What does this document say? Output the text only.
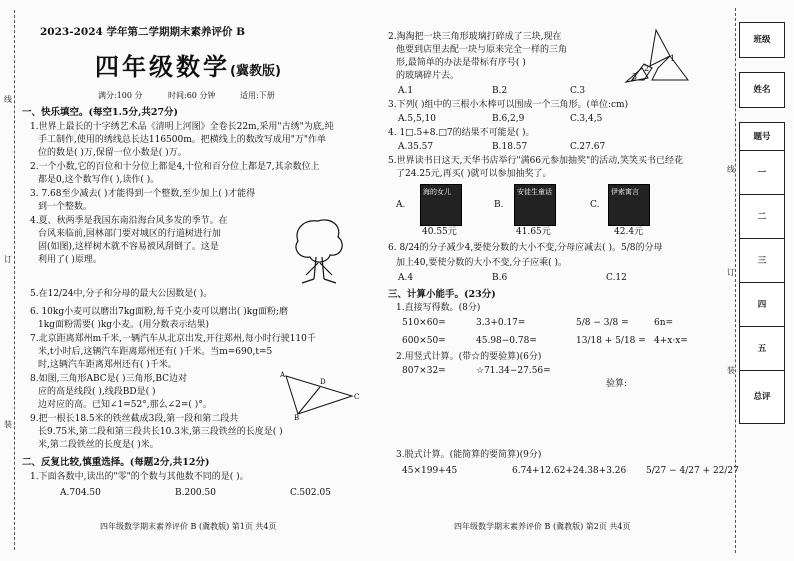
线
订
装
2023-2024 学年第二学期期末素养评价 B
四年级数学(冀教版)
满分:100 分	时间:60 分钟	适用:下册
一、快乐填空。(每空1.5分,共27分)
1.世界上最长的十字绣艺术品《清明上河图》全卷长22m,采用"古绣"为底,纯
手工制作,使用的绣线总长达116500m。把横线上的数改写成用"万"作单
位的数是( )万,保留一位小数是( )万。
2.一个小数,它的百位和十分位上都是4,十位和百分位上都是7,其余数位上
都是0,这个数写作( ),读作( )。
3. 7.68至少减去( )才能得到一个整数,至少加上( )才能得
到一个整数。
4.夏、秋两季是我国东南沿海台风多发的季节。在
台风来临前,园林部门要对城区的行道树进行加
固(如图),这样树木就不容易被风刮倒了。这是
利用了( )原理。
5.在12/24中,分子和分母的最大公因数是( )。
6. 10kg小麦可以磨出7kg面粉,每千克小麦可以磨出( )kg面粉;磨
1kg面粉需要( )kg小麦。(用分数表示结果)
7.北京距离郑州m千米,一辆汽车从北京出发,开往郑州,每小时行驶110千
米,t小时后,这辆汽车距离郑州还有( )千米。当m=690,t=5
时,这辆汽车距离郑州还有( )千米。
8.如图,三角形ABC是( )三角形,BC边对
应的高是线段( ),线段BD是( )
边对应的高。已知∠1=52°,那么∠2=( )°。
A
B
C
D
9.把一根长18.5米的铁丝截成3段,第一段和第二段共
长9.75米,第二段和第三段共长10.3米,第三段铁丝的长度是( )
米,第二段铁丝的长度是( )米。
二、反复比较,慎重选择。(每题2分,共12分)
1.下面各数中,读出的"零"的个数与其他数不同的是( )。
A.704.50	B.200.50	C.502.05
四年级数学期末素养评价 B (冀教版) 第1页 共4页
2.淘淘把一块三角形玻璃打碎成了三块,现在
他要到店里去配一块与原来完全一样的三角
形,最简单的办法是带标有序号( )
的玻璃碎片去。
1
2
3
A.1	B.2	C.3
3.下列( )组中的三根小木棒可以围成一个三角形。(单位:cm)
A.5,5,10	B.6,2,9	C.3,4,5
4. 1□.5+8.□7的结果不可能是( )。
A.35.57	B.18.57	C.27.67
5.世界读书日这天,天华书店举行"满66元参加抽奖"的活动,笑笑买书已经花
了24.25元,再买( )就可以参加抽奖了。
A.
海的女儿
40.55元
B.
安徒生童话
41.65元
C.
伊索寓言
42.4元
6. 8/24的分子减少4,要使分数的大小不变,分母应减去( )。5/8的分母
加上40,要使分数的大小不变,分子应乘( )。
A.4	B.6	C.12
三、计算小能手。(23分)
1.直接写得数。(8分)
510×60=	3.3+0.17=	5/8 − 3/8 =	6n=
600×50=	45.98−0.78=	13/18 + 5/18 = 4+x·x=
2.用竖式计算。(带☆的要验算)(6分)
807×32=	☆71.34−27.56=
验算:
3.脱式计算。(能简算的要简算)(9分)
45×199+45	6.74+12.62+24.38+3.26 5/27 − 4/27 + 22/27
四年级数学期末素养评价 B (冀教版) 第2页 共4页
线
订
装
班级
姓名
题号
一
二
三
四
五
总评
